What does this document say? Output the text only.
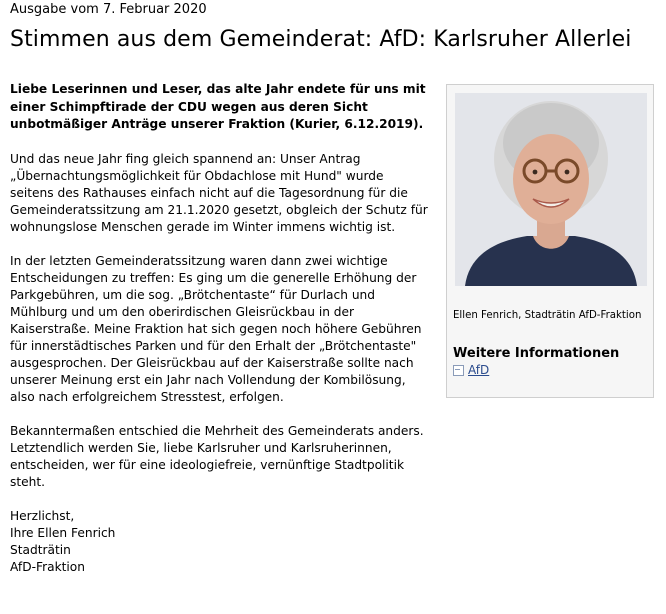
Ausgabe vom 7. Februar 2020
Stimmen aus dem Gemeinderat: AfD: Karlsruher Allerlei

Liebe Leserinnen und Leser, das alte Jahr endete für uns mit einer Schimpftirade der CDU wegen aus deren Sicht unbotmäßiger Anträge unserer Fraktion (Kurier, 6.12.2019).

Und das neue Jahr fing gleich spannend an: Unser Antrag „Übernachtungsmöglichkeit für Obdachlose mit Hund" wurde seitens des Rathauses einfach nicht auf die Tagesordnung für die Gemeinderatssitzung am 21.1.2020 gesetzt, obgleich der Schutz für wohnungslose Menschen gerade im Winter immens wichtig ist.

In der letzten Gemeinderatssitzung waren dann zwei wichtige Entscheidungen zu treffen: Es ging um die generelle Erhöhung der Parkgebühren, um die sog. „Brötchentaste“ für Durlach und Mühlburg und um den oberirdischen Gleisrückbau in der Kaiserstraße. Meine Fraktion hat sich gegen noch höhere Gebühren für innerstädtisches Parken und für den Erhalt der „Brötchentaste" ausgesprochen. Der Gleisrückbau auf der Kaiserstraße sollte nach unserer Meinung erst ein Jahr nach Vollendung der Kombilösung, also nach erfolgreichem Stresstest, erfolgen.

Bekanntermaßen entschied die Mehrheit des Gemeinderats anders.
Letztendlich werden Sie, liebe Karlsruher und Karlsruherinnen, entscheiden, wer für eine ideologiefreie, vernünftige Stadtpolitik steht.

Herzlichst,
Ihre Ellen Fenrich
Stadträtin
AfD-Fraktion

Ellen Fenrich, Stadträtin AfD-Fraktion
Weitere Informationen
AfD
